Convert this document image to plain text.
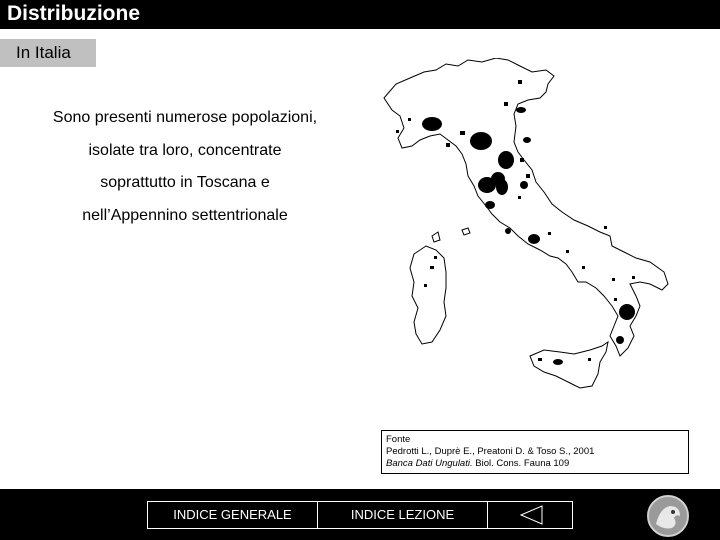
Distribuzione
In Italia
Sono presenti numerose popolazioni,
isolate tra loro, concentrate
soprattutto in Toscana e
nell’Appennino settentrionale
Fonte
Pedrotti L., Duprè E., Preatoni D. & Toso S., 2001
Banca Dati Ungulati. Biol. Cons. Fauna 109
INDICE GENERALE	INDICE LEZIONE
